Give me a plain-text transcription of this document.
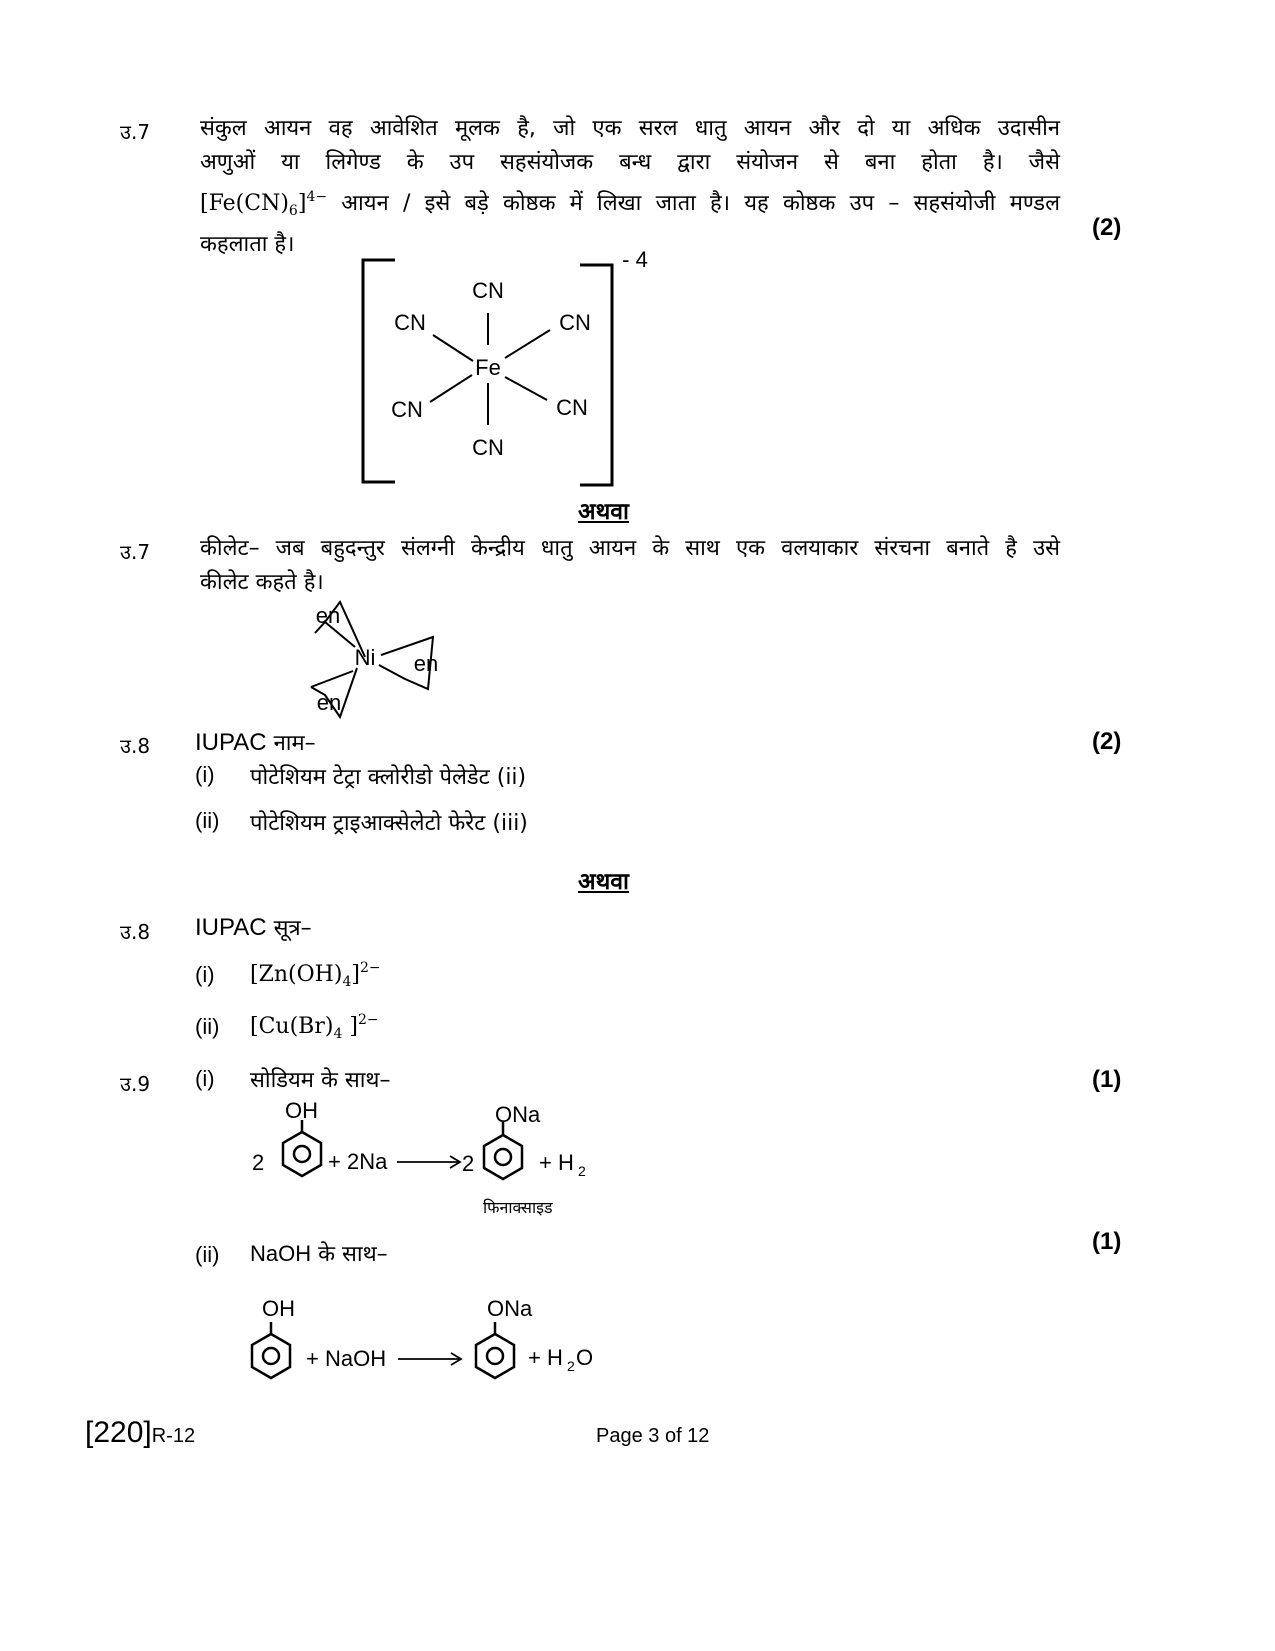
उ.7 संकुल आयन वह आवेशित मूलक है, जो एक सरल धातु आयन और दो या अधिक उदासीन
अणुओं या लिगेण्ड के उप सहसंयोजक बन्ध द्वारा संयोजन से बना होता है। जैसे
$[Fe(CN)_6]^{4-}$ आयन / इसे बड़े कोष्ठक में लिखा जाता है। यह कोष्ठक उप – सहसंयोजी मण्डल
कहलाता है।
(2)
Fe
CN
CN	CN
CN	CN
CN
- 4
अथवा
उ.7 कीलेट– जब बहुदन्तुर संलग्नी केन्द्रीय धातु आयन के साथ एक वलयाकार संरचना बनाते है उसे
कीलेट कहते है।
Ni
en
en
en
उ.8 IUPAC नाम–	(2)
(i) पोटेशियम टेट्रा क्लोरीडो पेलेडेट (ii)
(ii) पोटेशियम ट्राइआक्सेलेटो फेरेट (iii)
अथवा
उ.8 IUPAC सूत्र–
(i) $[Zn(OH)_4]^{2-}$
(ii) [$Cu(Br)_4$ ]$^{2-}$
उ.9 (i) सोडियम के साथ–	(1)
OH
2	+ 2Na	2
ONa
+ H 2
फिनाक्साइड
(1)
(ii) NaOH के साथ–
OH
+ NaOH
ONa
+ H 2 O
[220]R-12	Page 3 of 12
